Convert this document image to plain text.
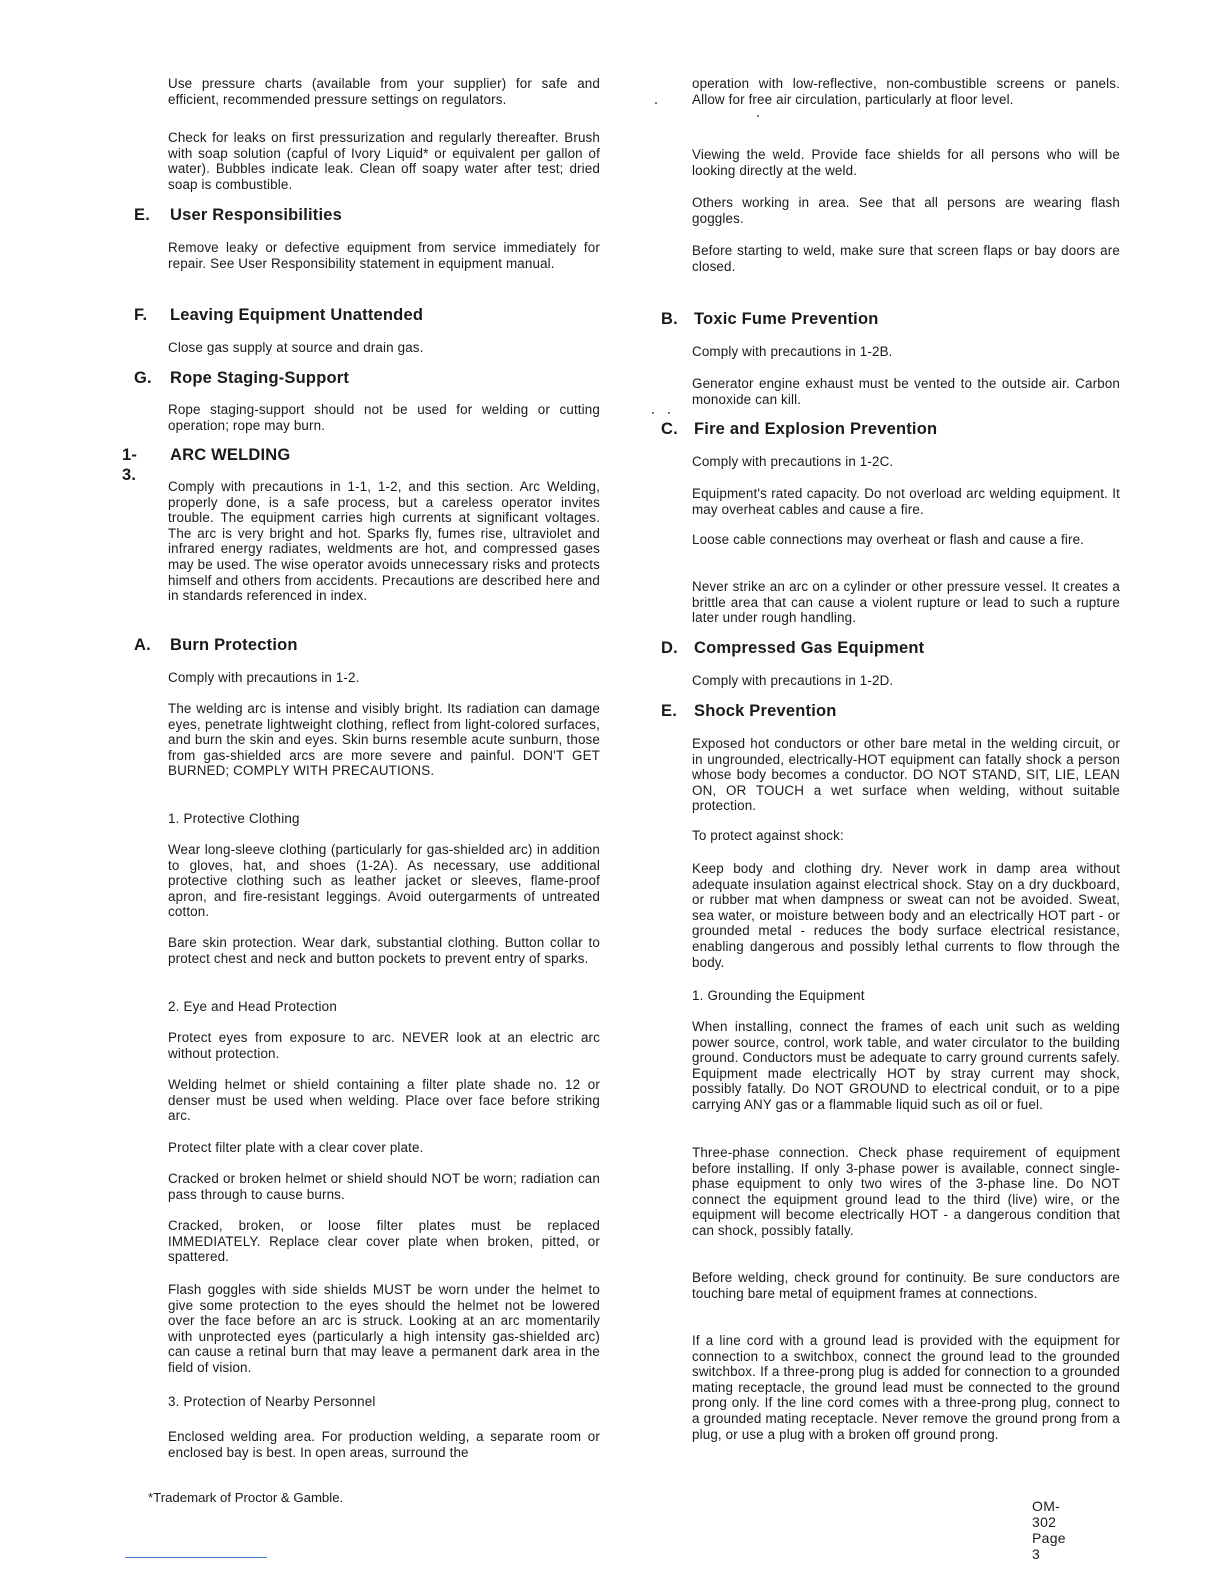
Use pressure charts (available from your supplier) for safe and efficient, recommended pressure settings on regulators.

Check for leaks on first pressurization and regularly thereafter. Brush with soap solution (capful of Ivory Liquid* or equivalent per gallon of water). Bubbles indicate leak. Clean off soapy water after test; dried soap is combustible.

E. User Responsibilities

Remove leaky or defective equipment from service immediately for repair. See User Responsibility statement in equipment manual.

F. Leaving Equipment Unattended

Close gas supply at source and drain gas.

G. Rope Staging-Support

Rope staging-support should not be used for welding or cutting operation; rope may burn.

1-3.
ARC WELDING

Comply with precautions in 1-1, 1-2, and this section. Arc Welding, properly done, is a safe process, but a careless operator invites trouble. The equipment carries high currents at significant voltages. The arc is very bright and hot. Sparks fly, fumes rise, ultraviolet and infrared energy radiates, weldments are hot, and compressed gases may be used. The wise operator avoids unnecessary risks and protects himself and others from accidents. Precautions are described here and in standards referenced in index.

A. Burn Protection

Comply with precautions in 1-2.

The welding arc is intense and visibly bright. Its radiation can damage eyes, penetrate lightweight clothing, reflect from light-colored surfaces, and burn the skin and eyes. Skin burns resemble acute sunburn, those from gas-shielded arcs are more severe and painful. DON'T GET BURNED; COMPLY WITH PRECAUTIONS.

1. Protective Clothing

Wear long-sleeve clothing (particularly for gas-shielded arc) in addition to gloves, hat, and shoes (1-2A). As necessary, use additional protective clothing such as leather jacket or sleeves, flame-proof apron, and fire-resistant leggings. Avoid outergarments of untreated cotton.

Bare skin protection. Wear dark, substantial clothing. Button collar to protect chest and neck and button pockets to prevent entry of sparks.

2. Eye and Head Protection

Protect eyes from exposure to arc. NEVER look at an electric arc without protection.

Welding helmet or shield containing a filter plate shade no. 12 or denser must be used when welding. Place over face before striking arc.

Protect filter plate with a clear cover plate.

Cracked or broken helmet or shield should NOT be worn; radiation can pass through to cause burns.

Cracked, broken, or loose filter plates must be replaced IMMEDIATELY. Replace clear cover plate when broken, pitted, or spattered.

Flash goggles with side shields MUST be worn under the helmet to give some protection to the eyes should the helmet not be lowered over the face before an arc is struck. Looking at an arc momentarily with unprotected eyes (particularly a high intensity gas-shielded arc) can cause a retinal burn that may leave a permanent dark area in the field of vision.

3. Protection of Nearby Personnel

Enclosed welding area. For production welding, a separate room or enclosed bay is best. In open areas, surround the

*Trademark of Proctor & Gamble.

operation with low-reflective, non-combustible screens or panels. Allow for free air circulation, particularly at floor level.

Viewing the weld. Provide face shields for all persons who will be looking directly at the weld.

Others working in area. See that all persons are wearing flash goggles.

Before starting to weld, make sure that screen flaps or bay doors are closed.

B. Toxic Fume Prevention

Comply with precautions in 1-2B.

Generator engine exhaust must be vented to the outside air. Carbon monoxide can kill.

C. Fire and Explosion Prevention

Comply with precautions in 1-2C.

Equipment's rated capacity. Do not overload arc welding equipment. It may overheat cables and cause a fire.

Loose cable connections may overheat or flash and cause a fire.

Never strike an arc on a cylinder or other pressure vessel. It creates a brittle area that can cause a violent rupture or lead to such a rupture later under rough handling.

D. Compressed Gas Equipment

Comply with precautions in 1-2D.

E. Shock Prevention

Exposed hot conductors or other bare metal in the welding circuit, or in ungrounded, electrically-HOT equipment can fatally shock a person whose body becomes a conductor. DO NOT STAND, SIT, LIE, LEAN ON, OR TOUCH a wet surface when welding, without suitable protection.

To protect against shock:

Keep body and clothing dry. Never work in damp area without adequate insulation against electrical shock. Stay on a dry duckboard, or rubber mat when dampness or sweat can not be avoided. Sweat, sea water, or moisture between body and an electrically HOT part - or grounded metal - reduces the body surface electrical resistance, enabling dangerous and possibly lethal currents to flow through the body.

1. Grounding the Equipment

When installing, connect the frames of each unit such as welding power source, control, work table, and water circulator to the building ground. Conductors must be adequate to carry ground currents safely. Equipment made electrically HOT by stray current may shock, possibly fatally. Do NOT GROUND to electrical conduit, or to a pipe carrying ANY gas or a flammable liquid such as oil or fuel.

Three-phase connection. Check phase requirement of equipment before installing. If only 3-phase power is available, connect single-phase equipment to only two wires of the 3-phase line. Do NOT connect the equipment ground lead to the third (live) wire, or the equipment will become electrically HOT - a dangerous condition that can shock, possibly fatally.

Before welding, check ground for continuity. Be sure conductors are touching bare metal of equipment frames at connections.

If a line cord with a ground lead is provided with the equipment for connection to a switchbox, connect the ground lead to the grounded switchbox. If a three-prong plug is added for connection to a grounded mating receptacle, the ground lead must be connected to the ground prong only. If the line cord comes with a three-prong plug, connect to a grounded mating receptacle. Never remove the ground prong from a plug, or use a plug with a broken off ground prong.

OM-302 Page 3
